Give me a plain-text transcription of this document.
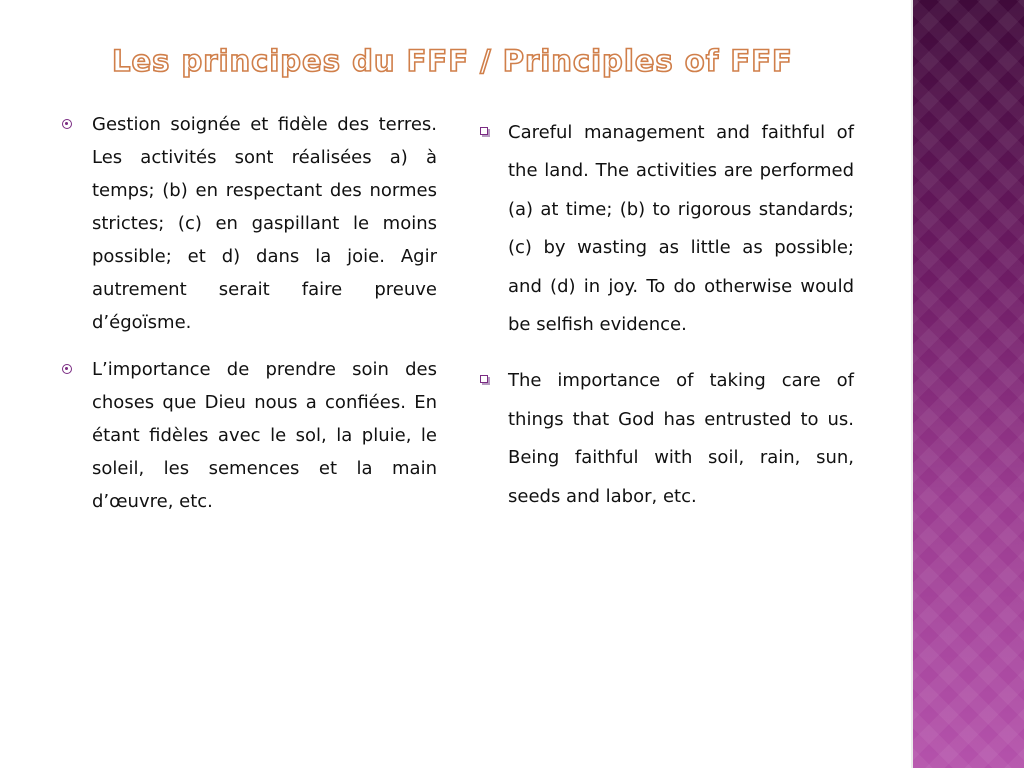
Les principes du FFF / Principles of FFF
Gestion soignée et fidèle des terres. Les activités sont réalisées a) à temps; (b) en respectant des normes strictes; (c) en gaspillant le moins possible; et d) dans la joie. Agir autrement serait faire preuve d’égoïsme.
L’importance de prendre soin des choses que Dieu nous a confiées. En étant fidèles avec le sol, la pluie, le soleil, les semences et la main d’œuvre, etc.
Careful management and faithful of the land. The activities are performed (a) at time; (b) to rigorous standards; (c) by wasting as little as possible; and (d) in joy. To do otherwise would be selfish evidence.
The importance of taking care of things that God has entrusted to us. Being faithful with soil, rain, sun, seeds and labor, etc.
